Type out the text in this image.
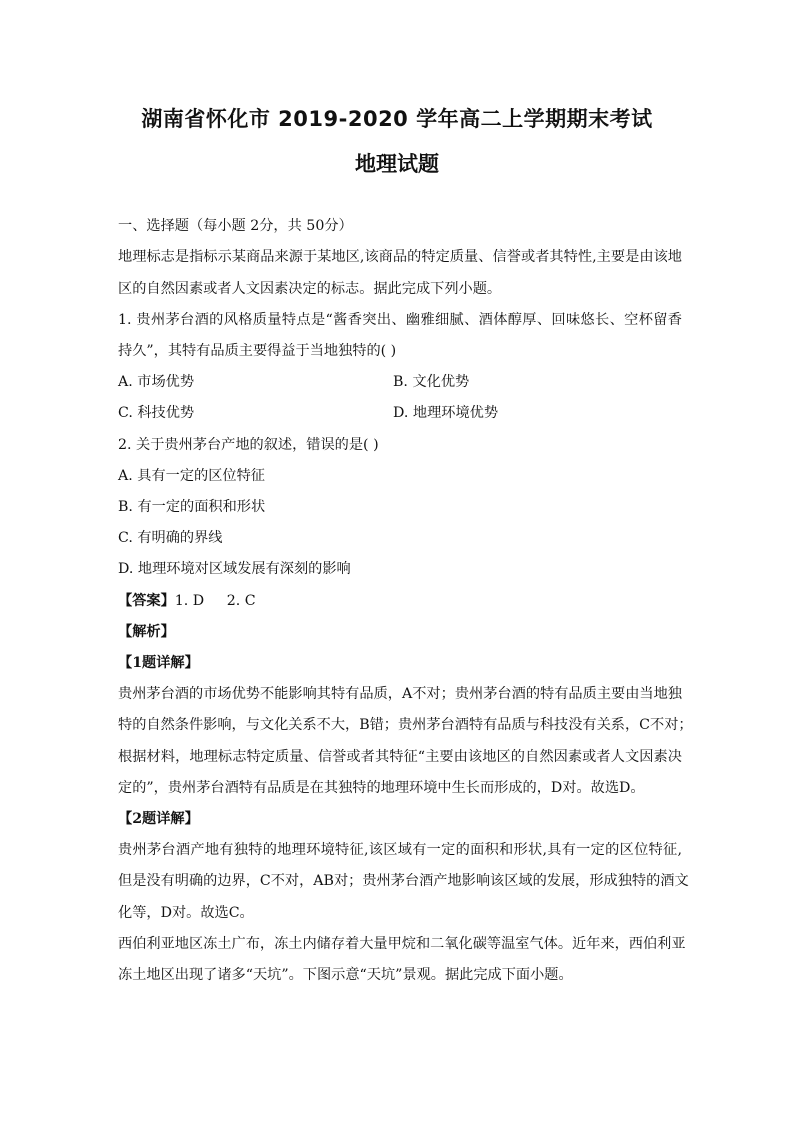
湖南省怀化市 2019-2020 学年高二上学期期末考试
地理试题
一、选择题（每小题 2分，共 50分）
地理标志是指标示某商品来源于某地区,该商品的特定质量、信誉或者其特性,主要是由该地
区的自然因素或者人文因素决定的标志。据此完成下列小题。
1. 贵州茅台酒的风格质量特点是“酱香突出、幽雅细腻、酒体醇厚、回味悠长、空杯留香
持久”，其特有品质主要得益于当地独特的( )
A. 市场优势	B. 文化优势
C. 科技优势	D. 地理环境优势
2. 关于贵州茅台产地的叙述，错误的是( )
A. 具有一定的区位特征
B. 有一定的面积和形状
C. 有明确的界线
D. 地理环境对区域发展有深刻的影响
【答案】1. D     2. C
【解析】
【1题详解】
贵州茅台酒的市场优势不能影响其特有品质，A不对；贵州茅台酒的特有品质主要由当地独
特的自然条件影响，与文化关系不大，B错；贵州茅台酒特有品质与科技没有关系，C不对；
根据材料，地理标志特定质量、信誉或者其特征“主要由该地区的自然因素或者人文因素决
定的”，贵州茅台酒特有品质是在其独特的地理环境中生长而形成的，D对。故选D。
【2题详解】
贵州茅台酒产地有独特的地理环境特征,该区域有一定的面积和形状,具有一定的区位特征,
但是没有明确的边界，C不对，AB对；贵州茅台酒产地影响该区域的发展，形成独特的酒文
化等，D对。故选C。
西伯利亚地区冻土广布，冻土内储存着大量甲烷和二氧化碳等温室气体。近年来，西伯利亚
冻土地区出现了诸多“天坑”。下图示意“天坑”景观。据此完成下面小题。
